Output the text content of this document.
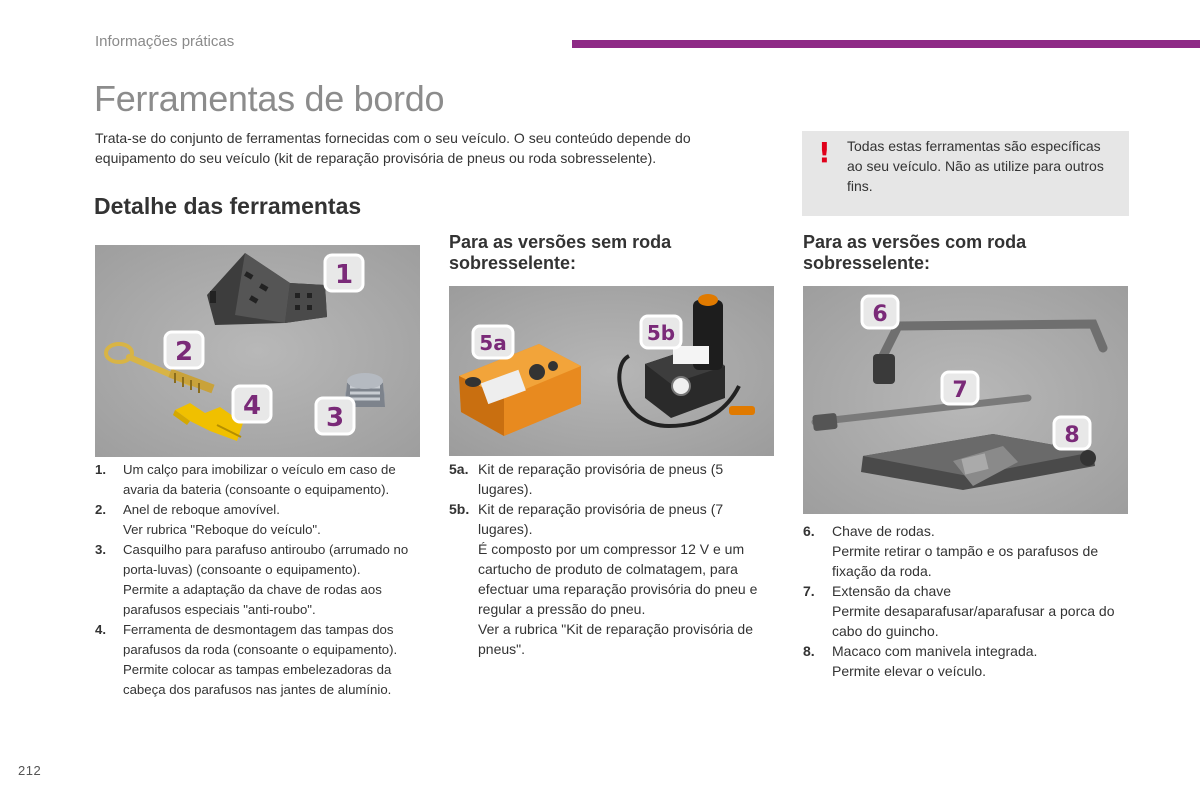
Informações práticas
Ferramentas de bordo
Trata-se do conjunto de ferramentas fornecidas com o seu veículo. O seu conteúdo depende do equipamento do seu veículo (kit de reparação provisória de pneus ou roda sobresselente).	! Todas estas ferramentas são específicas ao seu veículo. Não as utilize para outros fins.
Detalhe das ferramentas
Para as versões sem roda sobresselente:
Para as versões com roda sobresselente:
1
2
3
4
5a	5b
6
7
8
1.	Um calço para imobilizar o veículo em caso de avaria da bateria (consoante o equipamento).
2.	Anel de reboque amovível.
Ver rubrica "Reboque do veículo".
3.	Casquilho para parafuso antiroubo (arrumado no porta-luvas) (consoante o equipamento).
Permite a adaptação da chave de rodas aos parafusos especiais "anti-roubo".
4.	Ferramenta de desmontagem das tampas dos parafusos da roda (consoante o equipamento).
Permite colocar as tampas embelezadoras da cabeça dos parafusos nas jantes de alumínio.
5a. Kit de reparação provisória de pneus (5 lugares).
5b. Kit de reparação provisória de pneus (7 lugares).
É composto por um compressor 12 V e um cartucho de produto de colmatagem, para efectuar uma reparação provisória do pneu e regular a pressão do pneu.
Ver a rubrica "Kit de reparação provisória de pneus".
6.	Chave de rodas.
Permite retirar o tampão e os parafusos de fixação da roda.
7.	Extensão da chave
Permite desaparafusar/aparafusar a porca do cabo do guincho.
8.	Macaco com manivela integrada.
Permite elevar o veículo.
212
